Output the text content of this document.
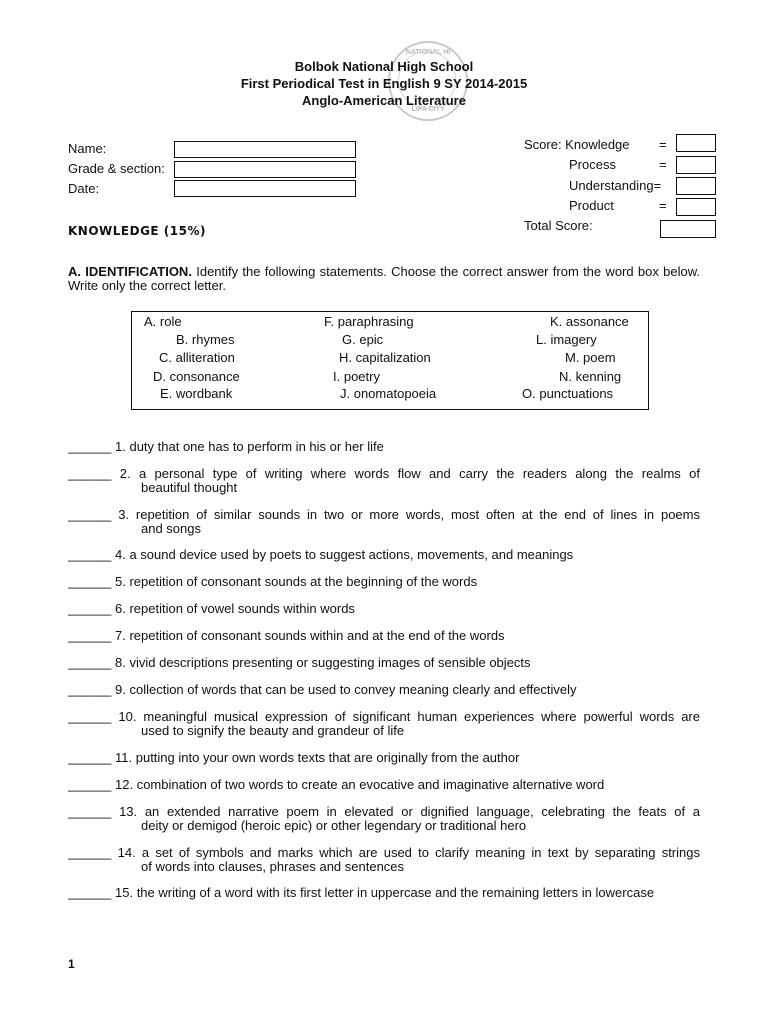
NATIONAL HI
LIPA CITY
Bolbok National High School
First Periodical Test in English 9 SY 2014-2015
Anglo-American Literature
Name:
Grade & section:
Date:
Score: Knowledge =
Process	=
Understanding=
Product	=
Total Score:
KNOWLEDGE (15%)
A. IDENTIFICATION. Identify the following statements. Choose the correct answer from the word box below. Write only the correct letter.
A. role	F. paraphrasing	K. assonance
B. rhymes	G. epic	L. imagery
C. alliteration	H. capitalization	M. poem
D. consonance	I. poetry	N. kenning
E. wordbank	J. onomatopoeia	O. punctuations
______ 1. duty that one has to perform in his or her life
______ 2. a personal type of writing where words flow and carry the readers along the realms of
beautiful thought
______ 3. repetition of similar sounds in two or more words, most often at the end of lines in poems
and songs
______ 4. a sound device used by poets to suggest actions, movements, and meanings
______ 5. repetition of consonant sounds at the beginning of the words
______ 6. repetition of vowel sounds within words
______ 7. repetition of consonant sounds within and at the end of the words
______ 8. vivid descriptions presenting or suggesting images of sensible objects
______ 9. collection of words that can be used to convey meaning clearly and effectively
______ 10. meaningful musical expression of significant human experiences where powerful words are
used to signify the beauty and grandeur of life
______ 11. putting into your own words texts that are originally from the author
______ 12. combination of two words to create an evocative and imaginative alternative word
______ 13. an extended narrative poem in elevated or dignified language, celebrating the feats of a
deity or demigod (heroic epic) or other legendary or traditional hero
______ 14. a set of symbols and marks which are used to clarify meaning in text by separating strings
of words into clauses, phrases and sentences
______ 15. the writing of a word with its first letter in uppercase and the remaining letters in lowercase
1
